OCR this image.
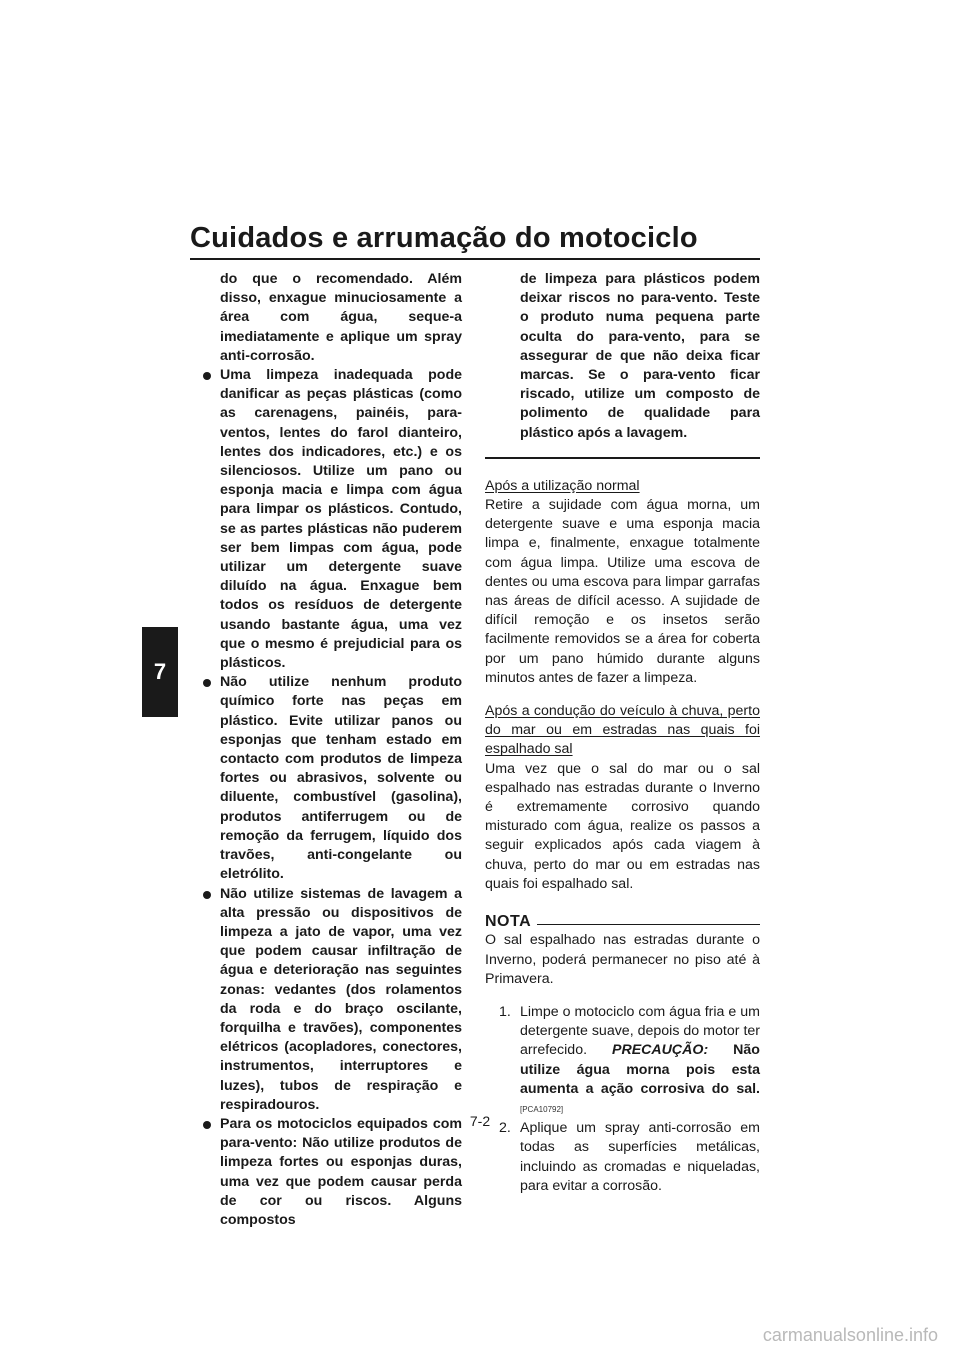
Cuidados e arrumação do motociclo
7

do que o recomendado. Além disso, enxague minuciosamente a área com água, seque-a imediatamente e aplique um spray anti-corrosão.

Uma limpeza inadequada pode danificar as peças plásticas (como as carenagens, painéis, para-ventos, lentes do farol dianteiro, lentes dos indicadores, etc.) e os silenciosos. Utilize um pano ou esponja macia e limpa com água para limpar os plásticos. Contudo, se as partes plásticas não puderem ser bem limpas com água, pode utilizar um detergente suave diluído na água. Enxague bem todos os resíduos de detergente usando bastante água, uma vez que o mesmo é prejudicial para os plásticos.

Não utilize nenhum produto químico forte nas peças em plástico. Evite utilizar panos ou esponjas que tenham estado em contacto com produtos de limpeza fortes ou abrasivos, solvente ou diluente, combustível (gasolina), produtos antiferrugem ou de remoção da ferrugem, líquido dos travões, anti-congelante ou eletrólito.

Não utilize sistemas de lavagem a alta pressão ou dispositivos de limpeza a jato de vapor, uma vez que podem causar infiltração de água e deterioração nas seguintes zonas: vedantes (dos rolamentos da roda e do braço oscilante, forquilha e travões), componentes elétricos (acopladores, conectores, instrumentos, interruptores e luzes), tubos de respiração e respiradouros.

Para os motociclos equipados com para-vento: Não utilize produtos de limpeza fortes ou esponjas duras, uma vez que podem causar perda de cor ou riscos. Alguns compostos

de limpeza para plásticos podem deixar riscos no para-vento. Teste o produto numa pequena parte oculta do para-vento, para se assegurar de que não deixa ficar marcas. Se o para-vento ficar riscado, utilize um composto de polimento de qualidade para plástico após a lavagem.

Após a utilização normal

Retire a sujidade com água morna, um detergente suave e uma esponja macia limpa e, finalmente, enxague totalmente com água limpa. Utilize uma escova de dentes ou uma escova para limpar garrafas nas áreas de difícil acesso. A sujidade de difícil remoção e os insetos serão facilmente removidos se a área for coberta por um pano húmido durante alguns minutos antes de fazer a limpeza.

Após a condução do veículo à chuva, perto do mar ou em estradas nas quais foi espalhado sal

Uma vez que o sal do mar ou o sal espalhado nas estradas durante o Inverno é extremamente corrosivo quando misturado com água, realize os passos a seguir explicados após cada viagem à chuva, perto do mar ou em estradas nas quais foi espalhado sal.

NOTA

O sal espalhado nas estradas durante o Inverno, poderá permanecer no piso até à Primavera.

1. Limpe o motociclo com água fria e um detergente suave, depois do motor ter arrefecido. PRECAUÇÃO: Não utilize água morna pois esta aumenta a ação corrosiva do sal. [PCA10792]
2. Aplique um spray anti-corrosão em todas as superfícies metálicas, incluindo as cromadas e niqueladas, para evitar a corrosão.
7-2
carmanualsonline.info
